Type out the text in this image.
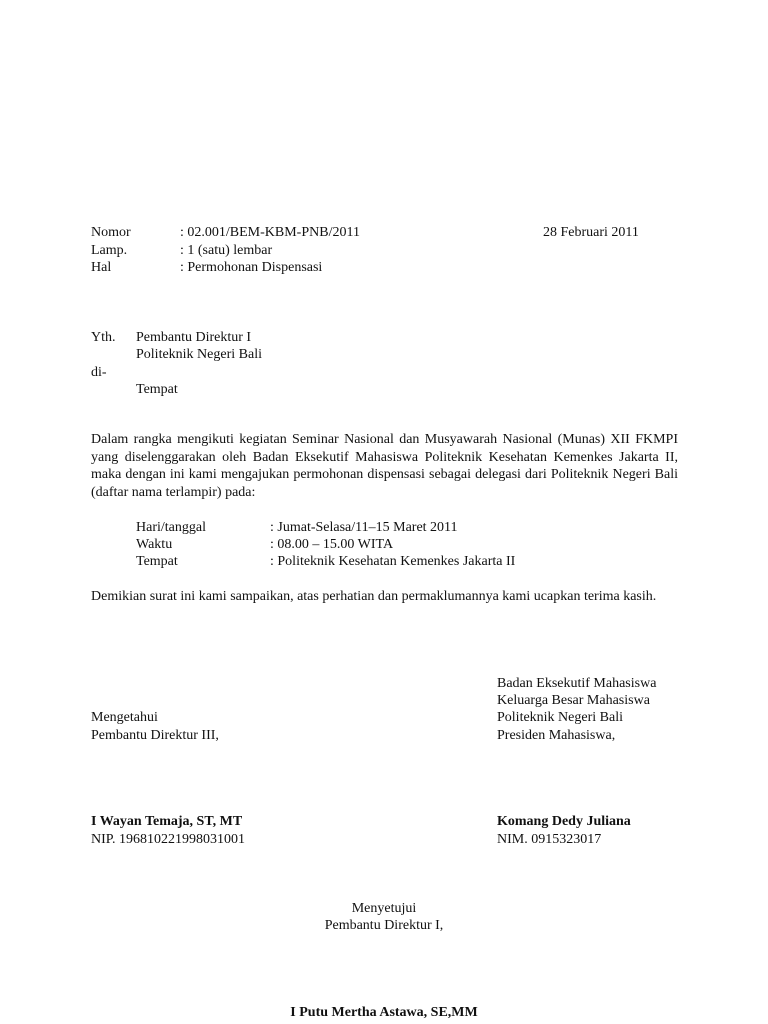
Nomor	: 02.001/BEM-KBM-PNB/2011	28 Februari 2011
Lamp.	: 1 (satu) lembar
Hal	: Permohonan Dispensasi
Yth. Pembantu Direktur I
Politeknik Negeri Bali
di-
Tempat
Dalam rangka mengikuti kegiatan Seminar Nasional dan Musyawarah Nasional (Munas) XII FKMPI yang diselenggarakan oleh Badan Eksekutif Mahasiswa Politeknik Kesehatan Kemenkes Jakarta II, maka dengan ini kami mengajukan permohonan dispensasi sebagai delegasi dari Politeknik Negeri Bali (daftar nama terlampir) pada:
Hari/tanggal	: Jumat-Selasa/11–15 Maret 2011
Waktu	: 08.00 – 15.00 WITA
Tempat	: Politeknik Kesehatan Kemenkes Jakarta II
Demikian surat ini kami sampaikan, atas perhatian dan permaklumannya kami ucapkan terima kasih.
Badan Eksekutif Mahasiswa
Keluarga Besar Mahasiswa
Politeknik Negeri Bali
Presiden Mahasiswa,
Mengetahui
Pembantu Direktur III,
I Wayan Temaja, ST, MT
NIP. 196810221998031001
Komang Dedy Juliana
NIM. 0915323017
Menyetujui
Pembantu Direktur I,
I Putu Mertha Astawa, SE,MM
